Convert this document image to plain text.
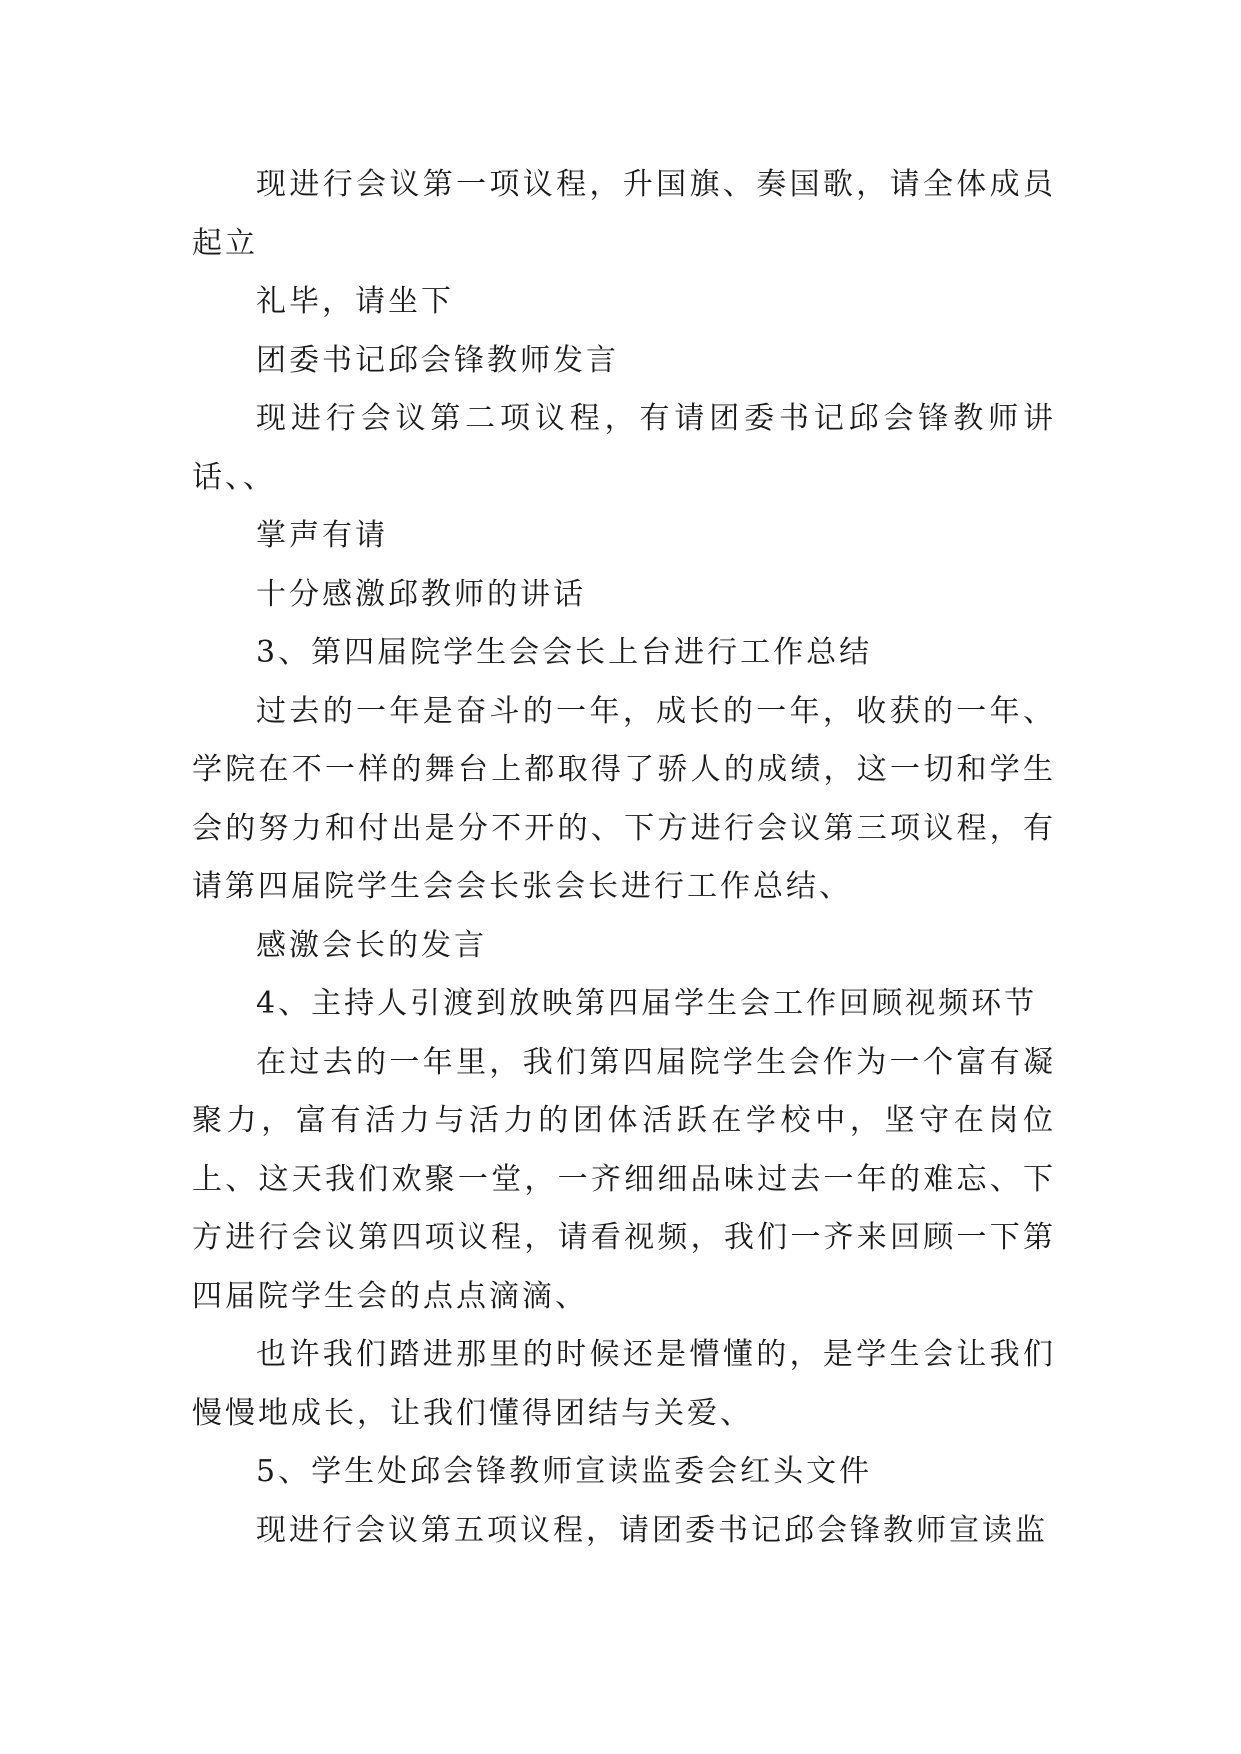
现进行会议第一项议程，升国旗、奏国歌，请全体成员起立

礼毕，请坐下

团委书记邱会锋教师发言

现进行会议第二项议程，有请团委书记邱会锋教师讲话、、

掌声有请

十分感激邱教师的讲话

3、第四届院学生会会长上台进行工作总结

过去的一年是奋斗的一年，成长的一年，收获的一年、学院在不一样的舞台上都取得了骄人的成绩，这一切和学生会的努力和付出是分不开的、下方进行会议第三项议程，有请第四届院学生会会长张会长进行工作总结、

感激会长的发言

4、主持人引渡到放映第四届学生会工作回顾视频环节

在过去的一年里，我们第四届院学生会作为一个富有凝聚力，富有活力与活力的团体活跃在学校中，坚守在岗位上、这天我们欢聚一堂，一齐细细品味过去一年的难忘、下方进行会议第四项议程，请看视频，我们一齐来回顾一下第四届院学生会的点点滴滴、

也许我们踏进那里的时候还是懵懂的，是学生会让我们慢慢地成长，让我们懂得团结与关爱、

5、学生处邱会锋教师宣读监委会红头文件

现进行会议第五项议程，请团委书记邱会锋教师宣读监
